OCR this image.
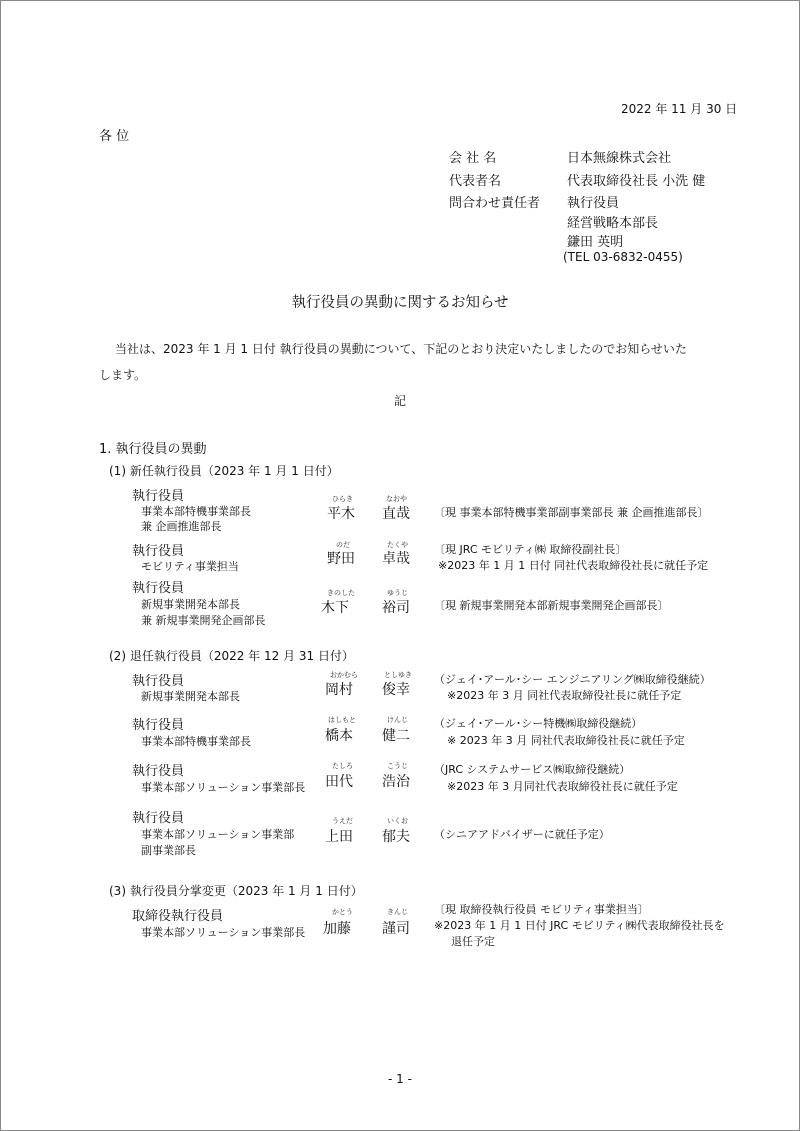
2022 年 11 月 30 日
各 位
会 社 名	日本無線株式会社
代表者名	代表取締役社長 小洗 健
問合わせ責任者 執行役員
経営戦略本部長
鎌田 英明
(TEL 03-6832-0455)
執行役員の異動に関するお知らせ
当社は、2023 年 1 月 1 日付 執行役員の異動について、下記のとおり決定いたしましたのでお知らせいた
します。
記
1. 執行役員の異動
(1) 新任執行役員（2023 年 1 月 1 日付）
執行役員
事業本部特機事業部長
兼 企画推進部長
ひらき
平木
なおや
直哉 〔現 事業本部特機事業部副事業部長 兼 企画推進部長〕
執行役員
モビリティ事業担当
のだ
野田
たくや
卓哉
〔現 JRC モビリティ㈱ 取締役副社長〕
※2023 年 1 月 1 日付 同社代表取締役社長に就任予定
執行役員
新規事業開発本部長
兼 新規事業開発企画部長
きのした
木下
ゆうじ
裕司 〔現 新規事業開発本部新規事業開発企画部長〕
(2) 退任執行役員（2022 年 12 月 31 日付）
執行役員
新規事業開発本部長
おかむら
岡村
としゆき
俊幸
（ジェイ･アール･シー エンジニアリング㈱取締役継続）
※2023 年 3 月 同社代表取締役社長に就任予定
執行役員
事業本部特機事業部長
はしもと
橋本
けんじ
健二
（ジェイ･アール･シー特機㈱取締役継続）
※ 2023 年 3 月 同社代表取締役社長に就任予定
執行役員
事業本部ソリューション事業部長
たしろ
田代
こうじ
浩治
（JRC システムサービス㈱取締役継続）
※2023 年 3 月同社代表取締役社長に就任予定
執行役員
事業本部ソリューション事業部
副事業部長
うえだ
上田
いくお
郁夫 （シニアアドバイザーに就任予定）
(3) 執行役員分掌変更（2023 年 1 月 1 日付）
取締役執行役員
事業本部ソリューション事業部長
かとう
加藤
きんじ
謹司
〔現 取締役執行役員 モビリティ事業担当〕
※2023 年 1 月 1 日付 JRC モビリティ㈱代表取締役社長を
退任予定
- 1 -
